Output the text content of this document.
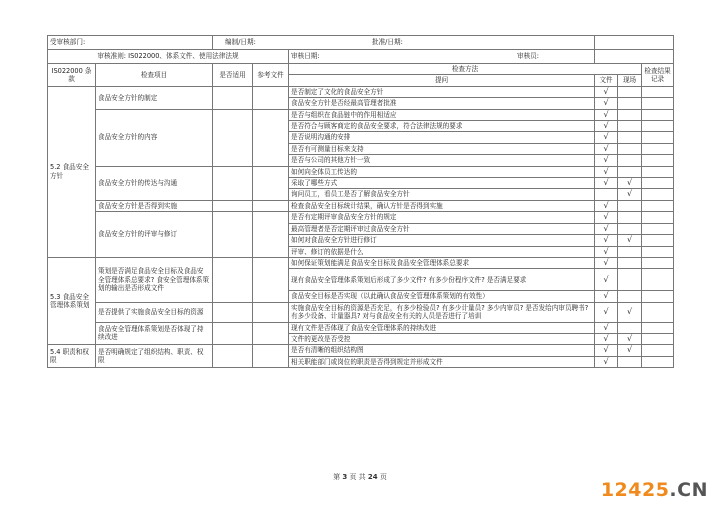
受审核部门:		编制/日期: 批准/日期:					

审核准则: IS022000、体系文件、使用法律法规				审核日期: 审核员:			

IS022000 条款	检查项目	是否适用	参考文件	检查方法			检查结果记录
				提问	文件	现场	
5.2 食品安全方针	食品安全方针的制定			是否制定了文化的食品安全方针	√		
				食品安全方针是否经最高管理者批准	√		
	食品安全方针的内容			是否与组织在食品链中的作用相适应	√		
				是否符合与顾客商定的食品安全要求，符合法律法规的要求	√		
				是否说明沟通的安排	√		
				是否有可测量目标来支持	√		
				是否与公司的其他方针一致	√		
	食品安全方针的传达与沟通			如何向全体员工传达的	√		
				采取了哪些方式	√	√	
				询问员工，看员工是否了解食品安全方针		√	
	食品安全方针是否得到实施			检查食品安全目标统计结果，确认方针是否得到实施	√		
	食品安全方针的评审与修订			是否有定期评审食品安全方针的规定	√		
				最高管理者是否定期评审过食品安全方针	√		
				如何对食品安全方针进行修订	√	√	
				评审、修订的依据是什么	√		
5.3 食品安全管理体系策划	策划是否满足食品安全目标及食品安全管理体系总要求? 食安全管理体系策划的输出是否形成文件			如何保证策划能满足食品安全目标及食品安全管理体系总要求	√		
				现有食品安全管理体系策划后形成了多少文件? 有多少份程序文件? 是否满足要求	√		
				食品安全目标是否实现（以此确认食品安全管理体系策划的有效性）	√		
	是否提供了实施食品安全目标的资源			实施食品安全目标的资源是否充足，有多少检验员? 有多少计量员? 多少内审员? 是否发给内审员聘书? 有多少设备、计量器具? 对与食品安全有关的人员是否进行了培训	√	√	
	食品安全管理体系策划是否体现了持续改进			现有文件是否体现了食品安全管理体系的持续改进	√		
				文件的更改是否受控	√	√	
5.4 职责和权限	是否明确规定了组织结构、职责、权限			是否有清晰的组织结构图	√	√	
				相关职能部门或岗位的职责是否得到规定并形成文件	√		
第 3 页 共 24 页
12425.CN
